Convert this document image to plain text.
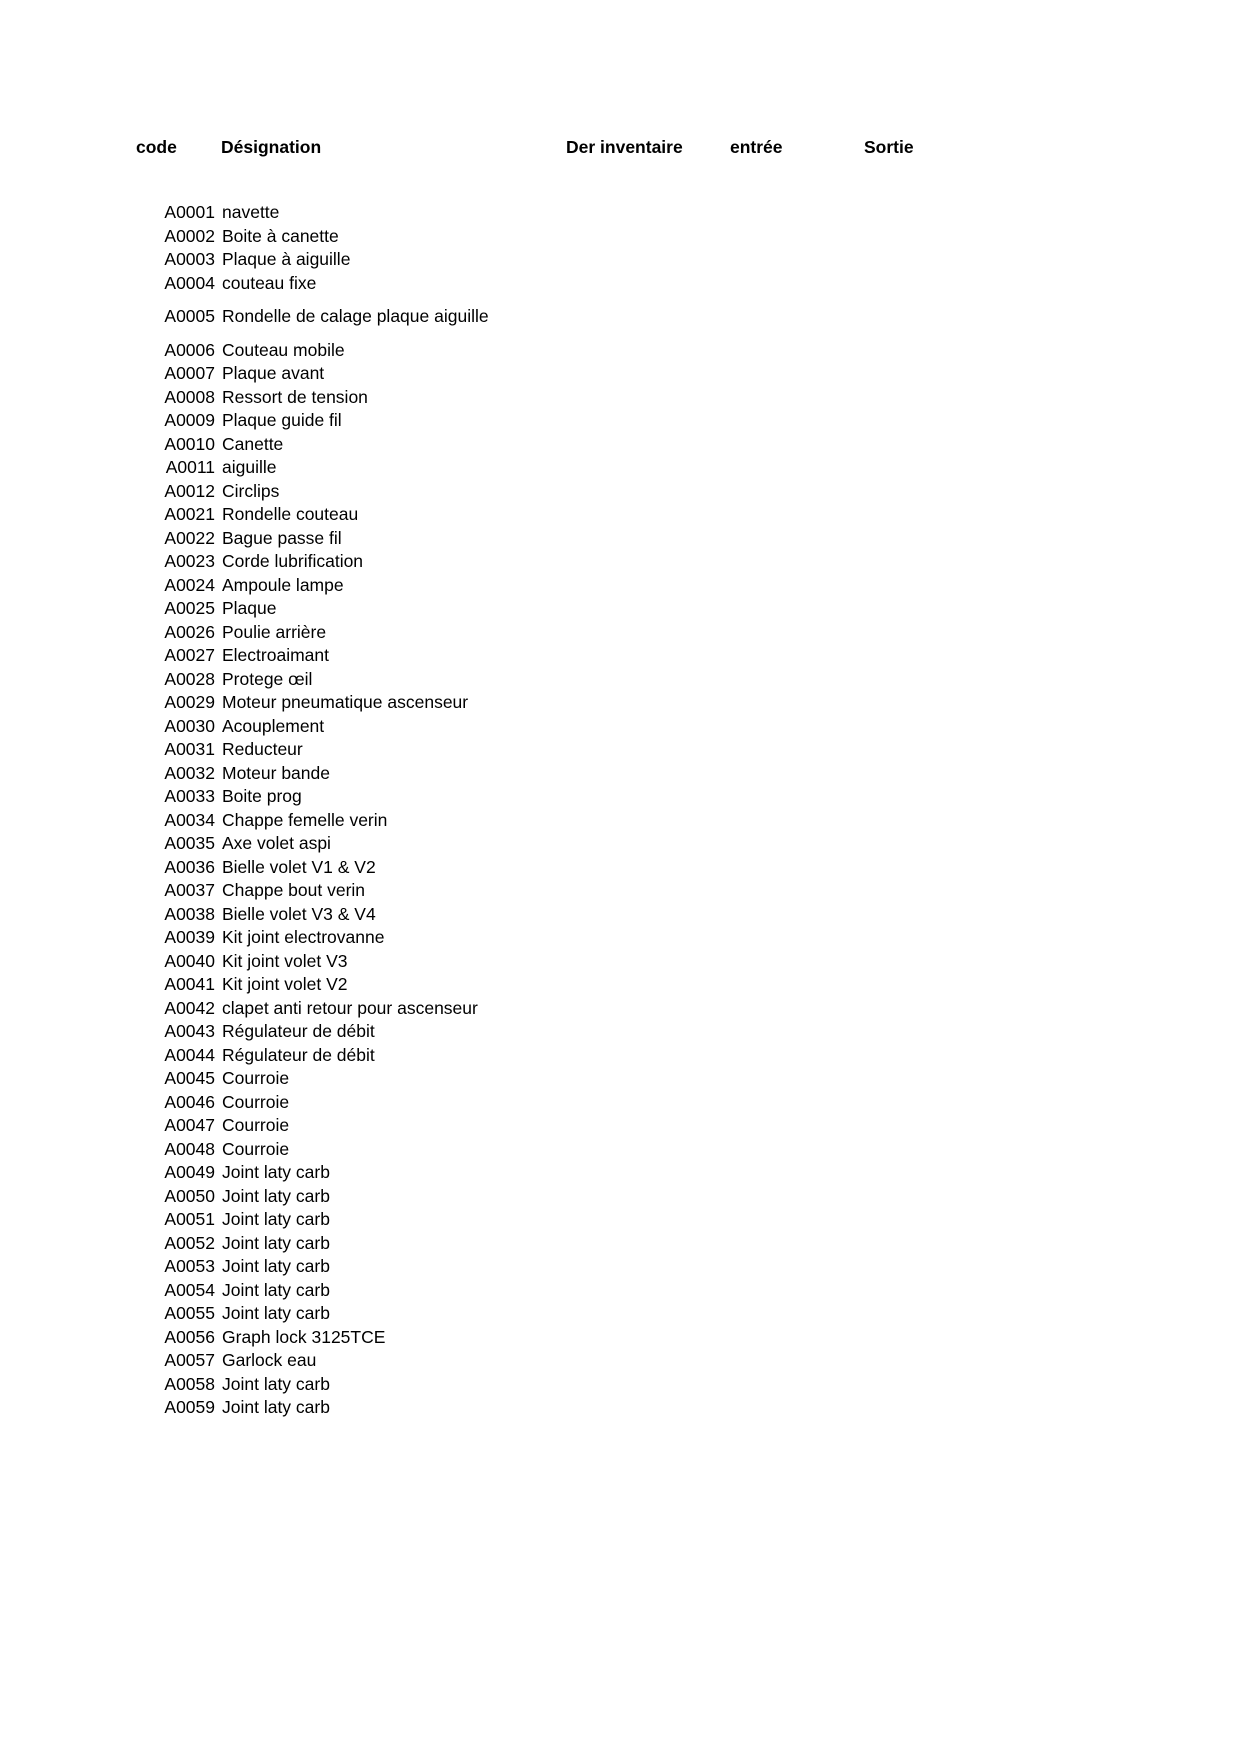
code	Désignation	Der inventaire	entrée	Sortie
A0001 navette
A0002 Boite à canette
A0003 Plaque à aiguille
A0004 couteau fixe
A0005 Rondelle de calage plaque aiguille
A0006 Couteau mobile
A0007 Plaque avant
A0008 Ressort de tension
A0009 Plaque guide fil
A0010 Canette
A0011 aiguille
A0012 Circlips
A0021 Rondelle couteau
A0022 Bague passe fil
A0023 Corde lubrification
A0024 Ampoule lampe
A0025 Plaque
A0026 Poulie arrière
A0027 Electroaimant
A0028 Protege œil
A0029 Moteur pneumatique ascenseur
A0030 Acouplement
A0031 Reducteur
A0032 Moteur bande
A0033 Boite prog
A0034 Chappe femelle verin
A0035 Axe volet aspi
A0036 Bielle volet V1 & V2
A0037 Chappe bout verin
A0038 Bielle volet V3 & V4
A0039 Kit joint electrovanne
A0040 Kit joint volet V3
A0041 Kit joint volet V2
A0042 clapet anti retour pour ascenseur
A0043 Régulateur de débit
A0044 Régulateur de débit
A0045 Courroie
A0046 Courroie
A0047 Courroie
A0048 Courroie
A0049 Joint laty carb
A0050 Joint laty carb
A0051 Joint laty carb
A0052 Joint laty carb
A0053 Joint laty carb
A0054 Joint laty carb
A0055 Joint laty carb
A0056 Graph lock 3125TCE
A0057 Garlock eau
A0058 Joint laty carb
A0059 Joint laty carb
